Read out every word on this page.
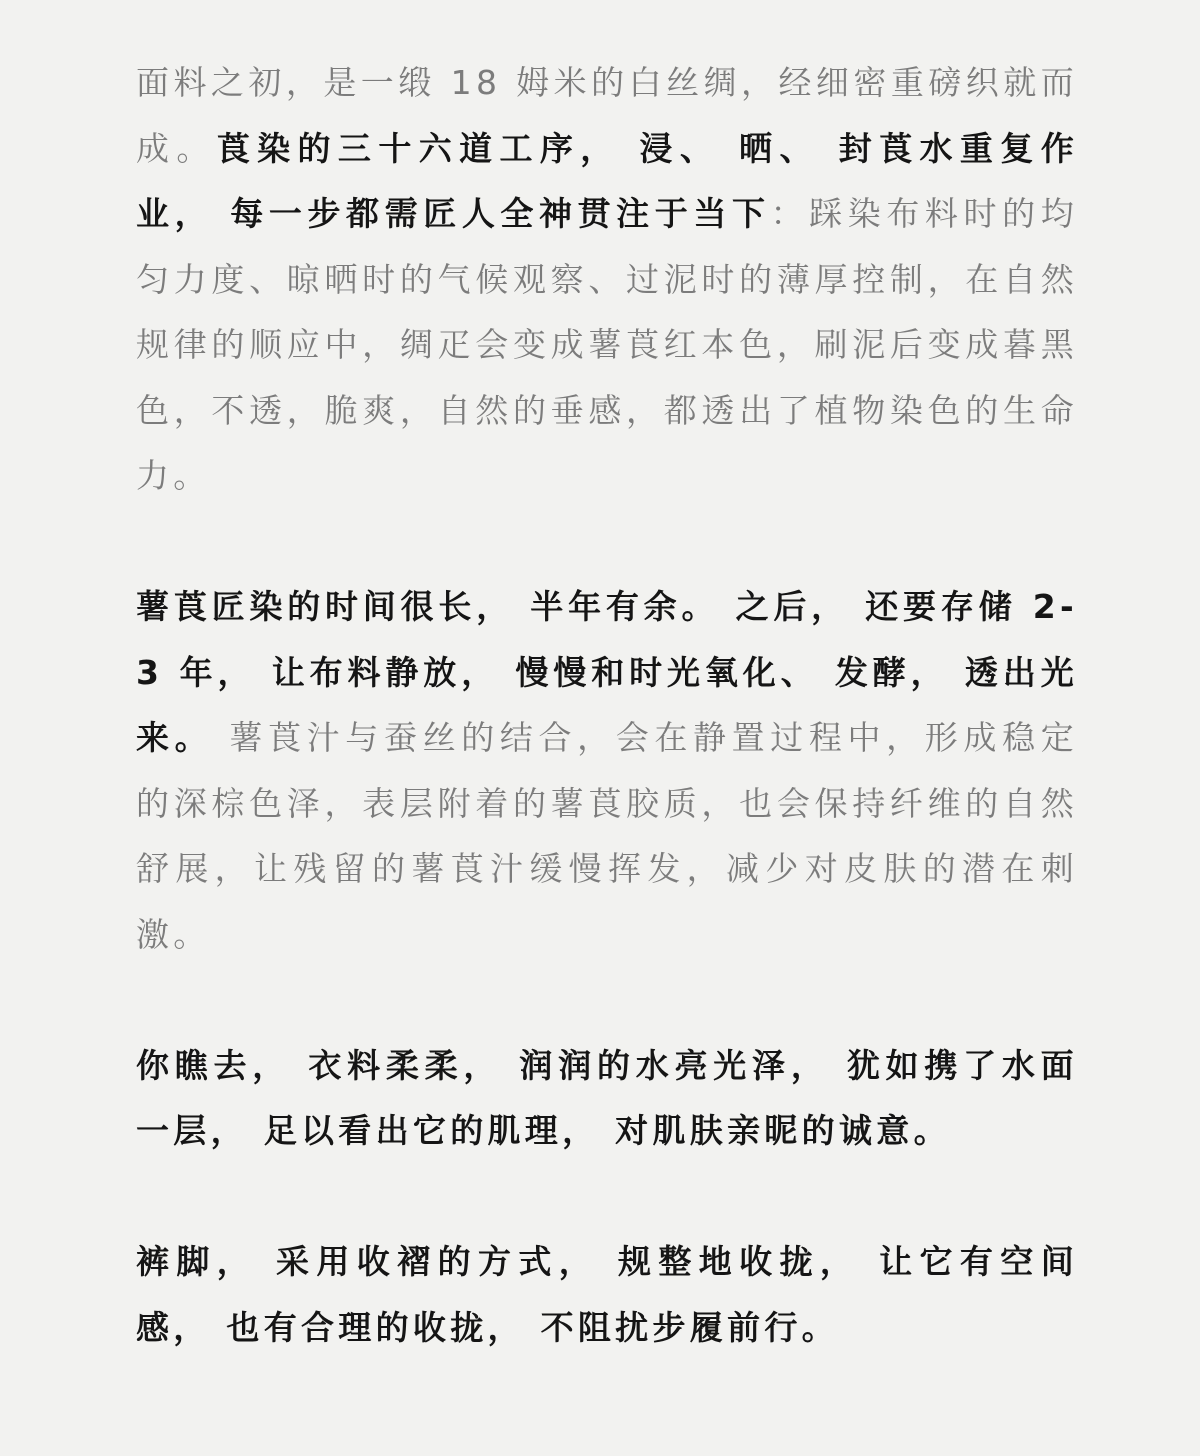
面料之初，是一缎 18 姆米的白丝绸，经细密重磅织就而成。莨染的三十六道工序， 浸、 晒、 封莨水重复作业， 每一步都需匠人全神贯注于当下：踩染布料时的均匀力度、晾晒时的气候观察、过泥时的薄厚控制，在自然规律的顺应中，绸疋会变成薯莨红本色，刷泥后变成暮黑色，不透，脆爽，自然的垂感，都透出了植物染色的生命力。

薯莨匠染的时间很长， 半年有余。 之后， 还要存储 2-3 年， 让布料静放， 慢慢和时光氧化、 发酵， 透出光来。 薯莨汁与蚕丝的结合，会在静置过程中，形成稳定的深棕色泽，表层附着的薯莨胶质，也会保持纤维的自然舒展，让残留的薯莨汁缓慢挥发，减少对皮肤的潜在刺激。

你瞧去， 衣料柔柔， 润润的水亮光泽， 犹如携了水面一层， 足以看出它的肌理， 对肌肤亲昵的诚意。

裤脚， 采用收褶的方式， 规整地收拢， 让它有空间感， 也有合理的收拢， 不阻扰步履前行。
